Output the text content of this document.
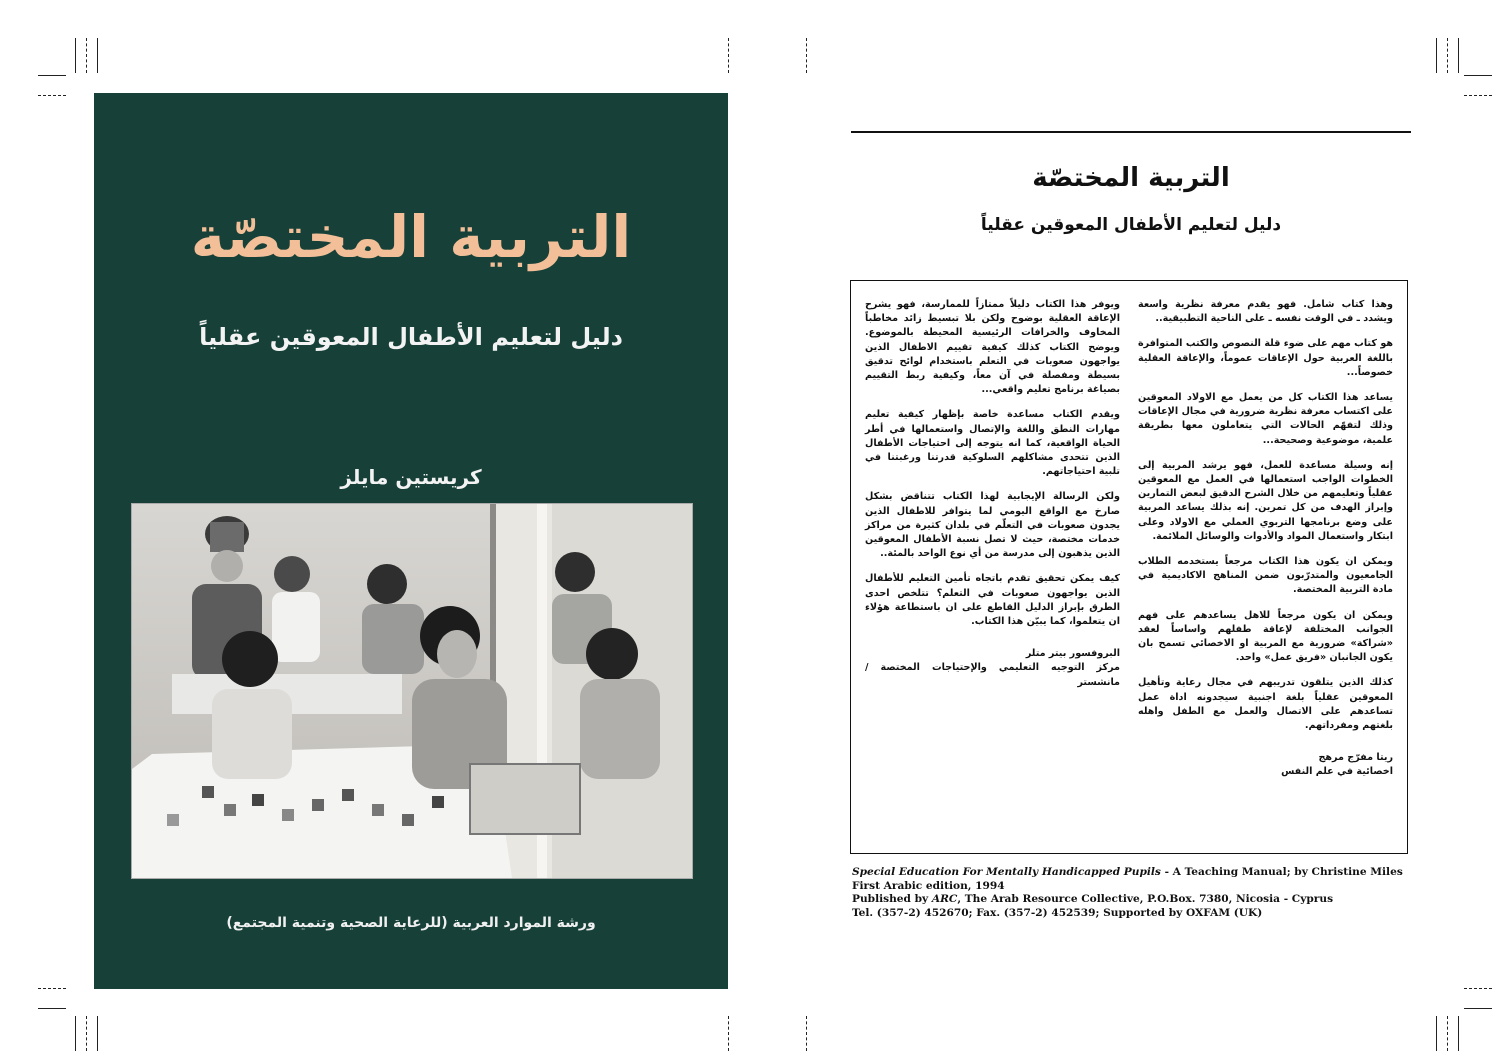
التربية المختصّة
دليل لتعليم الأطفال المعوقين عقلياً
كريستين مايلز
ورشة الموارد العربية (للرعاية الصحية وتنمية المجتمع)
التربية المختصّة
دليل لتعليم الأطفال المعوقين عقلياً

وهذا كتاب شامل. فهو يقدم معرفة نظرية واسعة ويشدد ـ في الوقت نفسه ـ على الناحية التطبيقية..

هو كتاب مهم على ضوء قلة النصوص والكتب المتوافرة باللغة العربية حول الإعاقات عموماً، والإعاقة العقلية خصوصاً...

يساعد هذا الكتاب كل من يعمل مع الاولاد المعوقين على اكتساب معرفة نظرية ضرورية في مجال الإعاقات وذلك لتفهّم الحالات التي يتعاملون معها بطريقة علمية، موضوعية وصحيحة...

إنه وسيلة مساعدة للعمل، فهو يرشد المربية إلى الخطوات الواجب استعمالها في العمل مع المعوقين عقلياً وتعليمهم من خلال الشرح الدقيق لبعض التمارين وإبراز الهدف من كل تمرين. إنه بذلك يساعد المربية على وضع برنامجها التربوي العملي مع الاولاد وعلى ابتكار واستعمال المواد والأدوات والوسائل الملائمة.

ويمكن ان يكون هذا الكتاب مرجعاً يستخدمه الطلاب الجامعيون والمتدرّبون ضمن المناهج الاكاديمية في مادة التربية المختصة.

ويمكن ان يكون مرجعاً للاهل يساعدهم على فهم الجوانب المختلفة لإعاقة طفلهم واساساً لعقد «شراكة» ضرورية مع المربية او الاخصائي تسمح بان يكون الجانبان «فريق عمل» واحد.

كذلك الذين يتلقون تدريبهم في مجال رعاية وتأهيل المعوقين عقلياً بلغة اجنبية سيجدونه اداة عمل تساعدهم على الاتصال والعمل مع الطفل واهله بلغتهم ومفرداتهم.

ريتا مفرّج مرهج
اخصائية في علم النفس

ويوفر هذا الكتاب دليلاً ممتازاً للممارسة، فهو يشرح الإعاقة العقلية بوضوح ولكن بلا تبسيط زائد مخاطباً المخاوف والخرافات الرئيسية المحيطة بالموضوع. ويوضح الكتاب كذلك كيفية تقييم الاطفال الذين يواجهون صعوبات في التعلم باستخدام لوائح تدقيق بسيطة ومفصلة في آن معاً، وكيفية ربط التقييم بصياغة برنامج تعليم واقعي...

ويقدم الكتاب مساعدة خاصة بإظهار كيفية تعليم مهارات النطق واللغة والإتصال واستعمالها في أطر الحياة الواقعية، كما انه يتوجه إلى احتياجات الأطفال الذين تتحدى مشاكلهم السلوكية قدرتنا ورغبتنا في تلبية احتياجاتهم.

ولكن الرسالة الإيجابية لهذا الكتاب تتناقض بشكل صارخ مع الواقع اليومي لما يتوافر للاطفال الذين يجدون صعوبات في التعلّم في بلدان كثيرة من مراكز خدمات مختصة، حيث لا تصل نسبة الأطفال المعوقين الذين يذهبون إلى مدرسة من أي نوع الواحد بالمئة..

كيف يمكن تحقيق تقدم باتجاه تأمين التعليم للأطفال الذين يواجهون صعوبات في التعلم؟ تتلخص احدى الطرق بإبراز الدليل القاطع على ان باستطاعة هؤلاء ان يتعلموا، كما يبيّن هذا الكتاب.

البروفسور بيتر متلر
مركز التوجيه التعليمي والإحتياجات المختصة / مانشستر
Special Education For Mentally Handicapped Pupils - A Teaching Manual; by Christine Miles
First Arabic edition, 1994
Published by ARC, The Arab Resource Collective, P.O.Box. 7380, Nicosia - Cyprus
Tel. (357-2) 452670; Fax. (357-2) 452539; Supported by OXFAM (UK)
